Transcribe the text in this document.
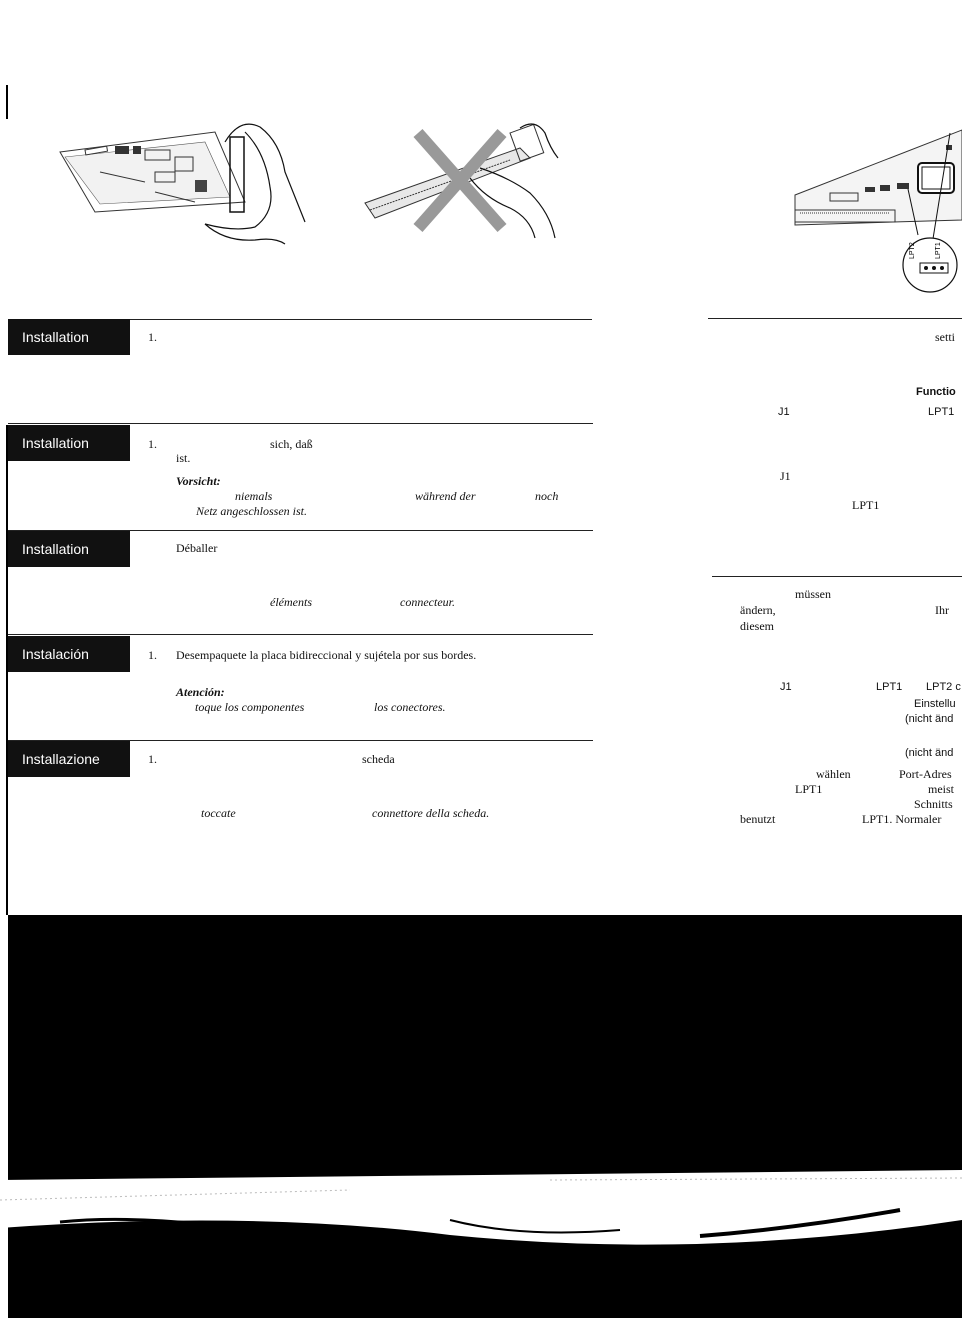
LPT2	LPT1
Installation	1.
Installation	1.	sich, daß
ist.
Vorsicht:
niemals	während der	noch
Netz angeschlossen ist.
Installation	Déballer
éléments	connecteur.
Instalación	1. Desempaquete la placa bidireccional y sujétela por sus bordes.
Atención:
toque los componentes	los conectores.
Installazione	1.	scheda
toccate	connettore della scheda.
setti
Functio
J1	LPT1
J1
LPT1
müssen
ändern,	Ihr
diesem
J1	LPT1 LPT2 c
Einstellu
(nicht änd
(nicht änd
wählen	Port-Adres
LPT1	meist
Schnitts
benutzt	LPT1. Normaler
